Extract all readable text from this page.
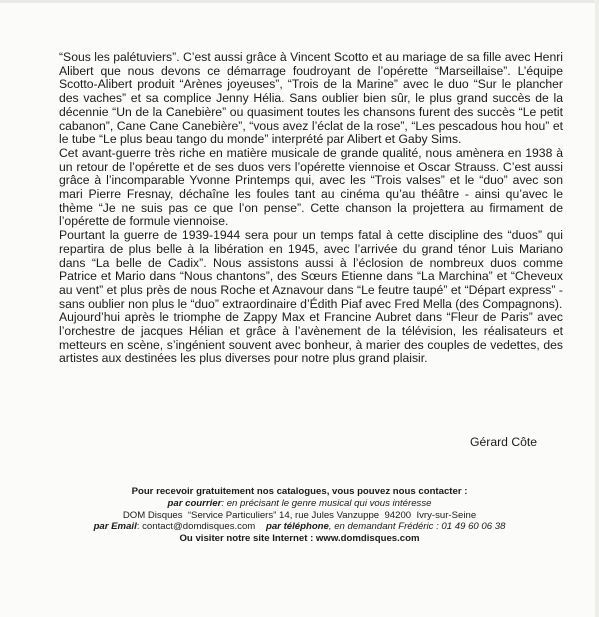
“Sous les palétuviers”. C’est aussi grâce à Vincent Scotto et au mariage de sa fille avec Henri Alibert que nous devons ce démarrage foudroyant de l’opérette “Marseillaise”. L’équipe Scotto-Alibert produit “Arènes joyeuses”, “Trois de la Marine” avec le duo “Sur le plancher des vaches” et sa complice Jenny Hélia. Sans oublier bien sûr, le plus grand succès de la décennie “Un de la Canebière” ou quasiment toutes les chansons furent des succès “Le petit cabanon”, Cane Cane Canebière”, “vous avez l’éclat de la rose”, “Les pescadous hou hou” et le tube “Le plus beau tango du monde” interprété par Alibert et Gaby Sims.

Cet avant-guerre très riche en matière musicale de grande qualité, nous amènera en 1938 à un retour de l’opérette et de ses duos vers l’opérette viennoise et Oscar Strauss. C’est aussi grâce à l’incomparable Yvonne Printemps qui, avec les “Trois valses” et le “duo” avec son mari Pierre Fresnay, déchaîne les foules tant au cinéma qu’au théâtre - ainsi qu’avec le thème “Je ne suis pas ce que l’on pense”. Cette chanson la projettera au firmament de l’opérette de formule viennoise.

Pourtant la guerre de 1939-1944 sera pour un temps fatal à cette discipline des “duos” qui repartira de plus belle à la libération en 1945, avec l’arrivée du grand ténor Luis Mariano dans “La belle de Cadix”. Nous assistons aussi à l’éclosion de nombreux duos comme Patrice et Mario dans “Nous chantons”, des Sœurs Etienne dans “La Marchina” et “Cheveux au vent” et plus près de nous Roche et Aznavour dans “Le feutre taupé” et “Départ express” - sans oublier non plus le “duo” extraordinaire d’Édith Piaf avec Fred Mella (des Compagnons).

Aujourd’hui après le triomphe de Zappy Max et Francine Aubret dans “Fleur de Paris” avec l’orchestre de jacques Hélian et grâce à l’avènement de la télévision, les réalisateurs et metteurs en scène, s’ingénient souvent avec bonheur, à marier des couples de vedettes, des artistes aux destinées les plus diverses pour notre plus grand plaisir.

Gérard Côte

Pour recevoir gratuitement nos catalogues, vous pouvez nous contacter :
par courrier: en précisant le genre musical qui vous intéresse
DOM Disques  “Service Particuliers” 14, rue Jules Vanzuppe  94200  Ivry-sur-Seine
par Email: contact@domdisques.com par téléphone, en demandant Frédéric : 01 49 60 06 38
Ou visiter notre site Internet : www.domdisques.com
